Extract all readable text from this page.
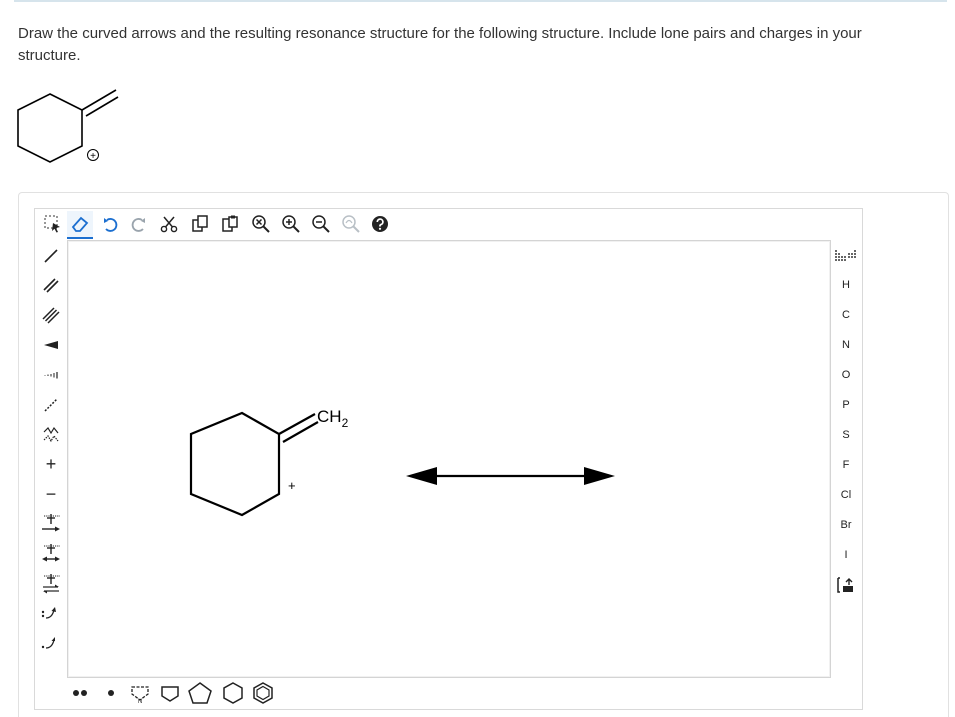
Draw the curved arrows and the resulting resonance structure for the following structure. Include lone pairs and charges in your structure.
+
+
−
$CH_2$
+
H
C
N
O
P
S
F
Cl
Br
I
N
